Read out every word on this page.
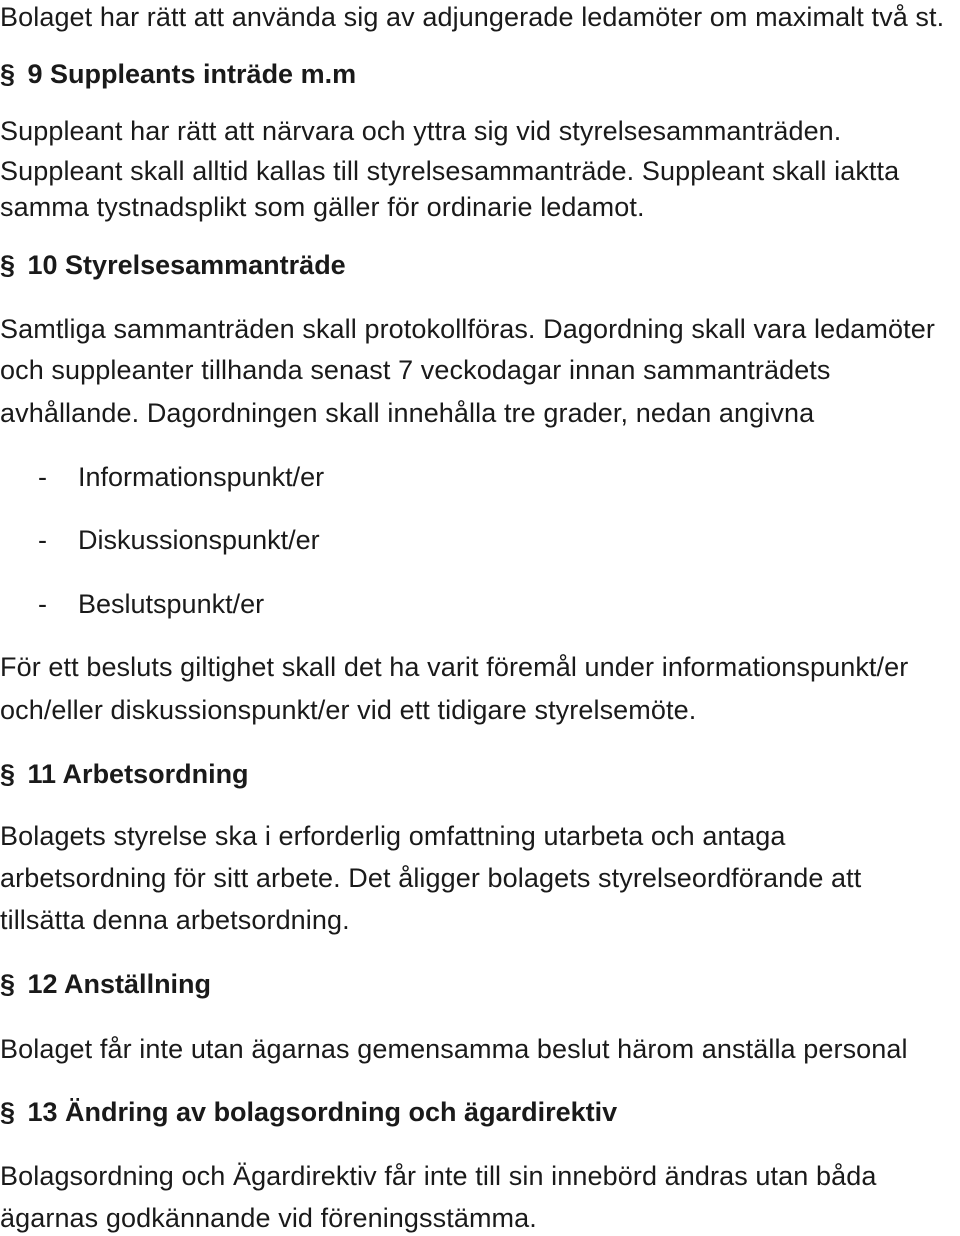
Bolaget har rätt att använda sig av adjungerade ledamöter om maximalt två st.
§ 9 Suppleants inträde m.m
Suppleant har rätt att närvara och yttra sig vid styrelsesammanträden.
Suppleant skall alltid kallas till styrelsesammanträde. Suppleant skall iaktta
samma tystnadsplikt som gäller för ordinarie ledamot.
§ 10 Styrelsesammanträde
Samtliga sammanträden skall protokollföras. Dagordning skall vara ledamöter
och suppleanter tillhanda senast 7 veckodagar innan sammanträdets
avhållande. Dagordningen skall innehålla tre grader, nedan angivna
- Informationspunkt/er
- Diskussionspunkt/er
- Beslutspunkt/er
För ett besluts giltighet skall det ha varit föremål under informationspunkt/er
och/eller diskussionspunkt/er vid ett tidigare styrelsemöte.
§ 11 Arbetsordning
Bolagets styrelse ska i erforderlig omfattning utarbeta och antaga
arbetsordning för sitt arbete. Det åligger bolagets styrelseordförande att
tillsätta denna arbetsordning.
§ 12 Anställning
Bolaget får inte utan ägarnas gemensamma beslut härom anställa personal
§ 13 Ändring av bolagsordning och ägardirektiv
Bolagsordning och Ägardirektiv får inte till sin innebörd ändras utan båda
ägarnas godkännande vid föreningsstämma.
